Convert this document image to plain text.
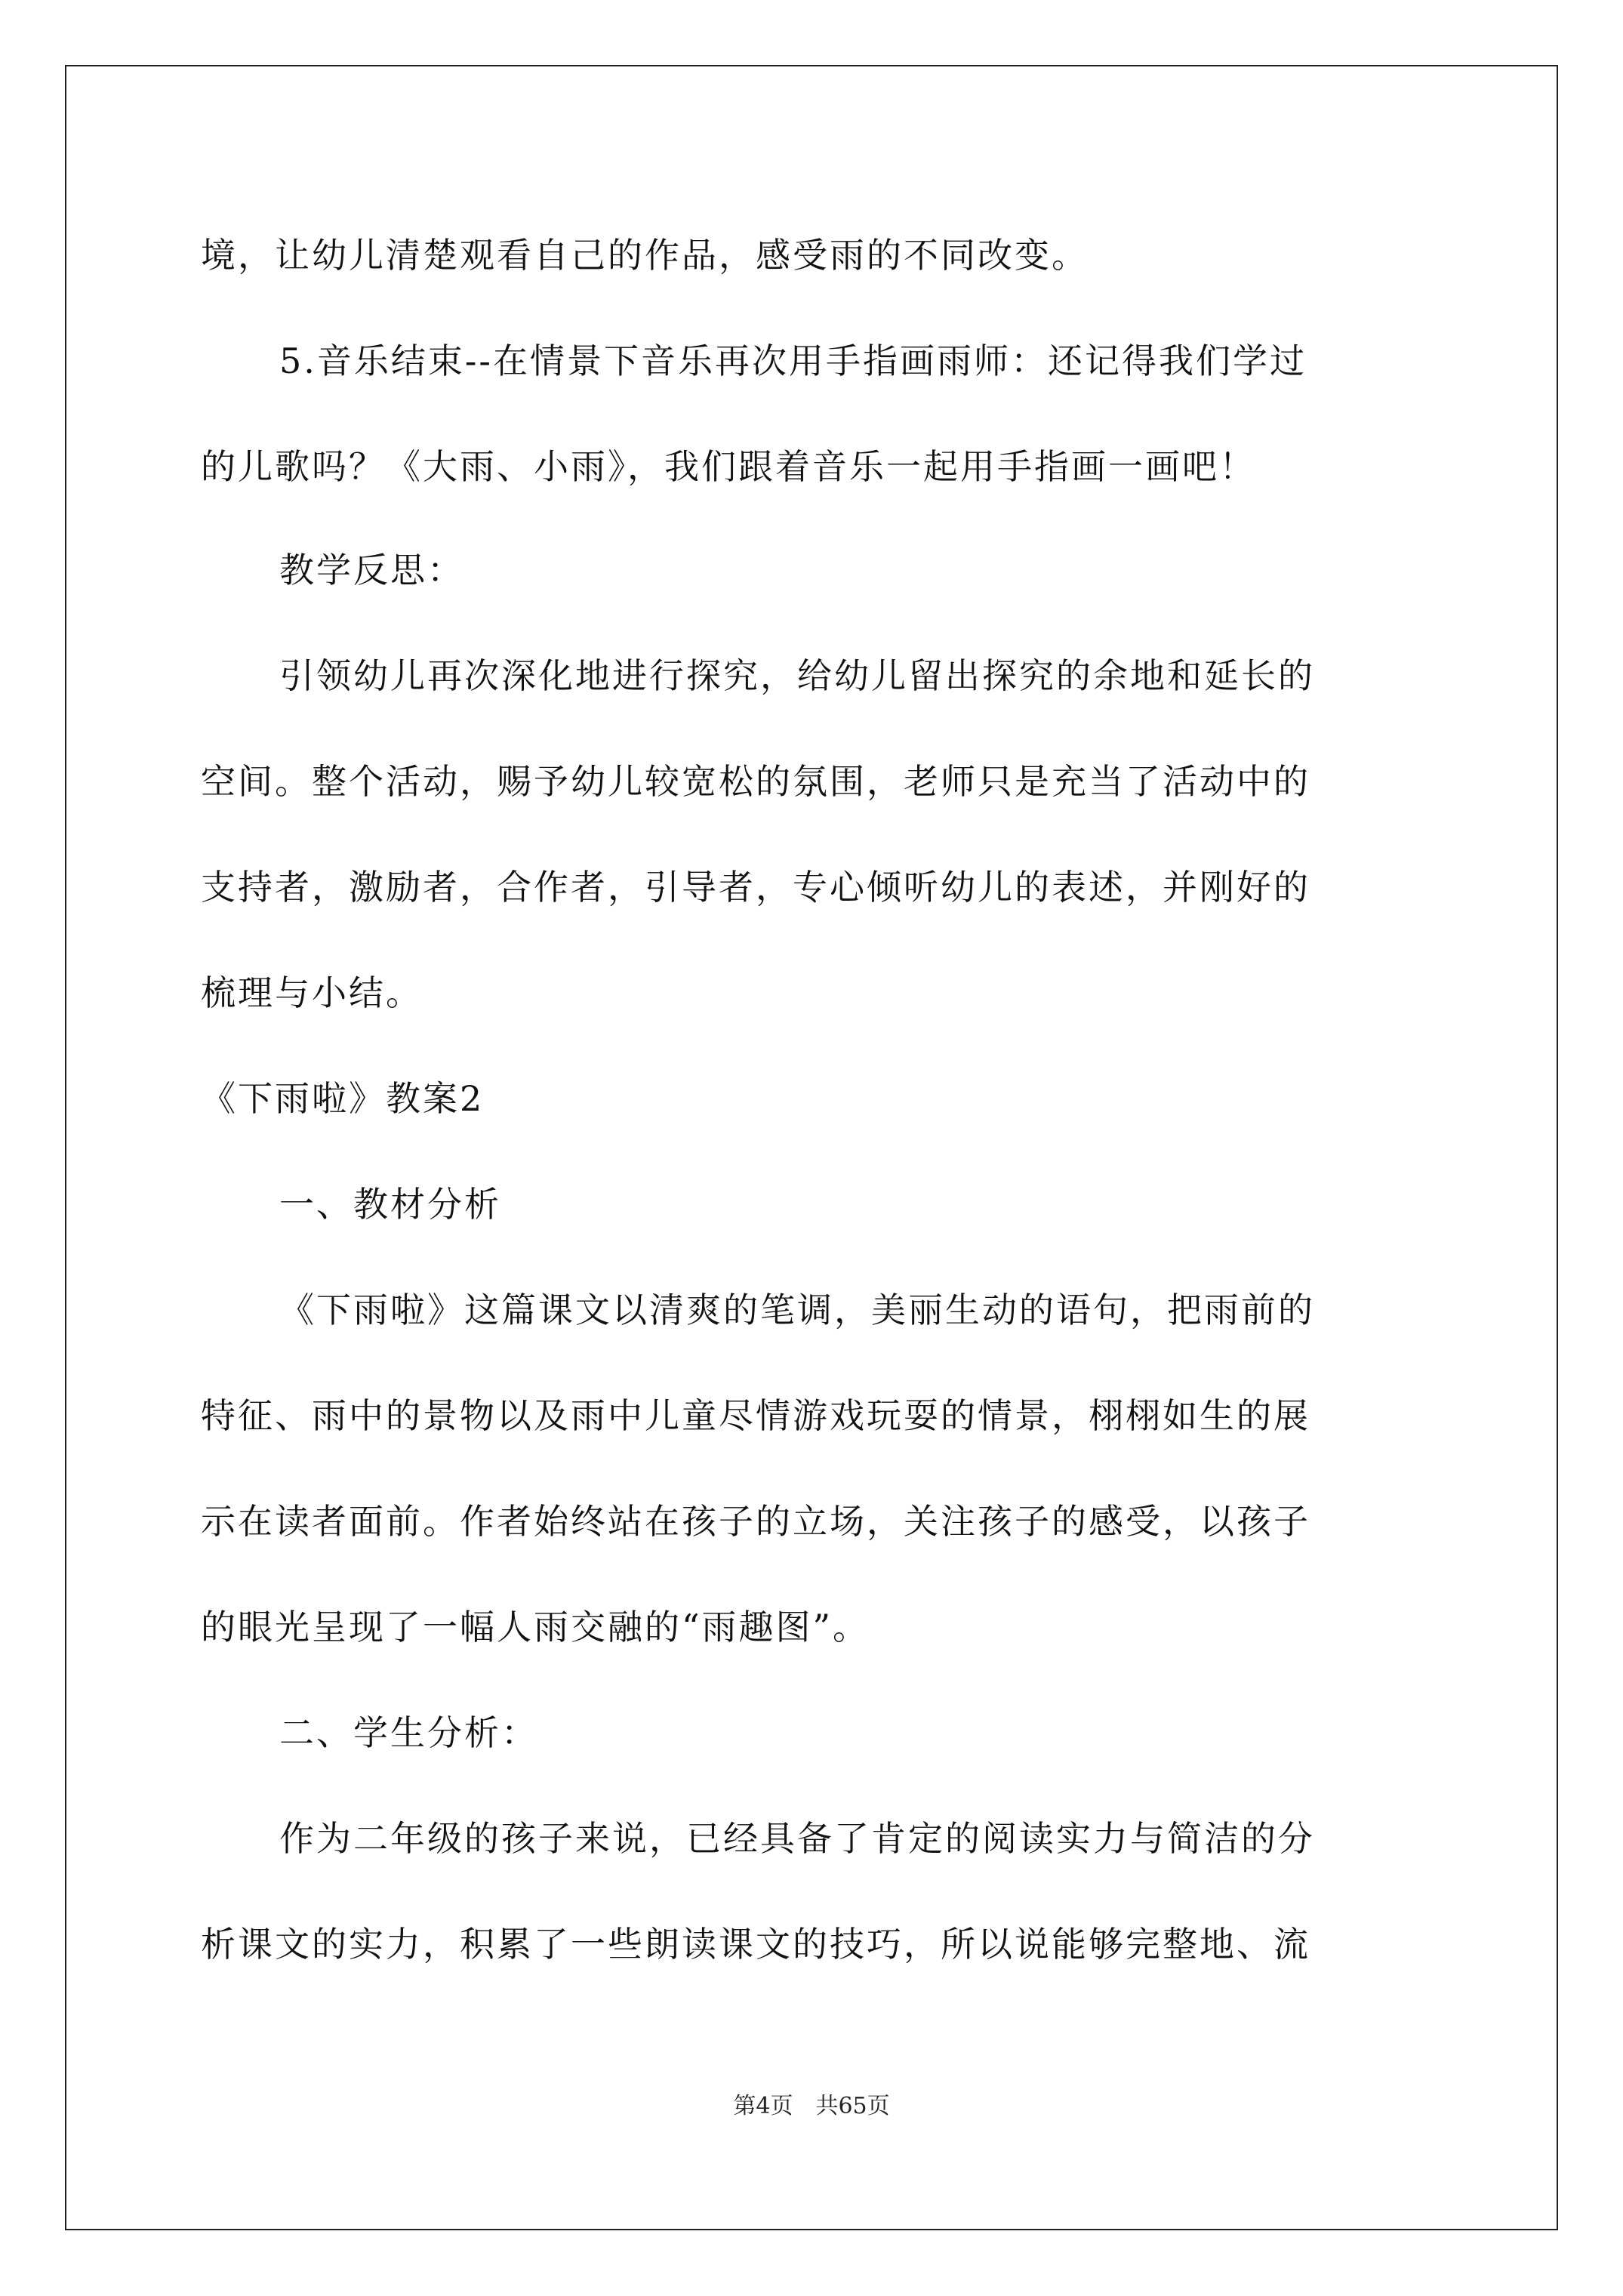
境，让幼儿清楚观看自己的作品，感受雨的不同改变。
5.音乐结束--在情景下音乐再次用手指画雨师：还记得我们学过
的儿歌吗？《大雨、小雨》，我们跟着音乐一起用手指画一画吧！
教学反思：
引领幼儿再次深化地进行探究，给幼儿留出探究的余地和延长的
空间。整个活动，赐予幼儿较宽松的氛围，老师只是充当了活动中的
支持者，激励者，合作者，引导者，专心倾听幼儿的表述，并刚好的
梳理与小结。
《下雨啦》教案2
一、教材分析
《下雨啦》这篇课文以清爽的笔调，美丽生动的语句，把雨前的
特征、雨中的景物以及雨中儿童尽情游戏玩耍的情景，栩栩如生的展
示在读者面前。作者始终站在孩子的立场，关注孩子的感受，以孩子
的眼光呈现了一幅人雨交融的“雨趣图”。
二、学生分析：
作为二年级的孩子来说，已经具备了肯定的阅读实力与简洁的分
析课文的实力，积累了一些朗读课文的技巧，所以说能够完整地、流
第4页　共65页
